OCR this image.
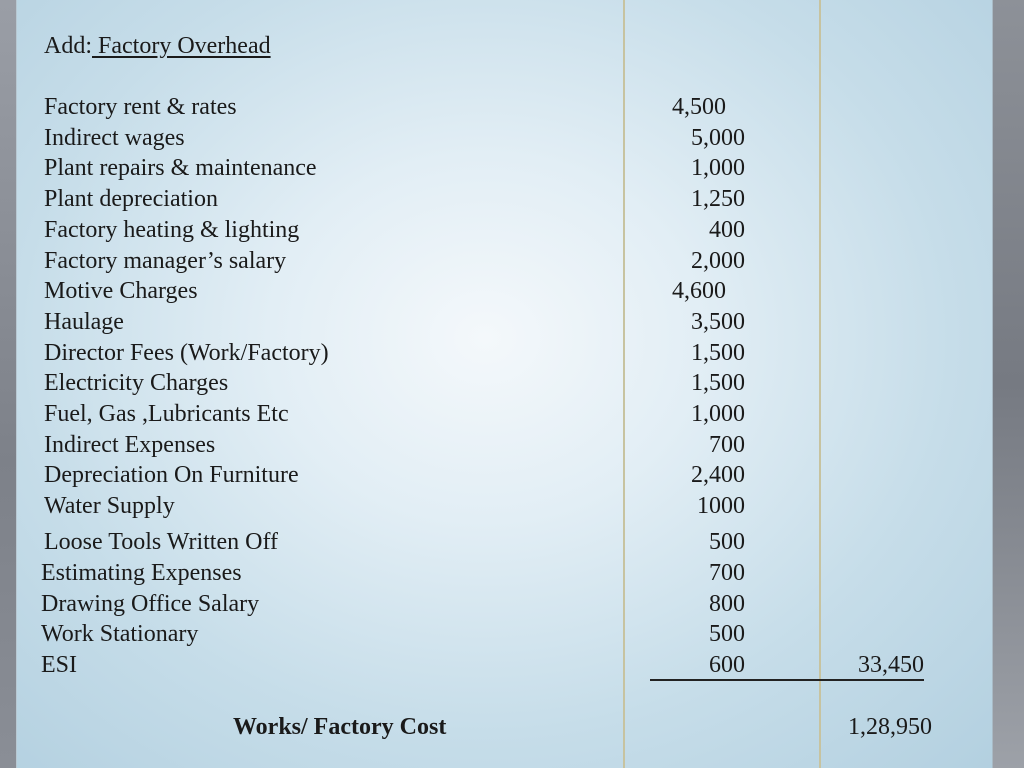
Add: Factory Overhead
Factory rent & rates
Indirect wages
Plant repairs & maintenance
Plant depreciation
Factory heating & lighting
Factory manager’s salary
Motive Charges
Haulage
Director Fees (Work/Factory)
Electricity Charges
Fuel, Gas ,Lubricants Etc
Indirect Expenses
Depreciation On Furniture
Water Supply
Loose Tools Written Off
Estimating Expenses
Drawing Office Salary
Work Stationary
ESI
4,500
5,000
1,000
1,250
400
2,000
4,600
3,500
1,500
1,500
1,000
700
2,400
1000
500
700
800
500
600	33,450
Works/ Factory Cost	1,28,950
